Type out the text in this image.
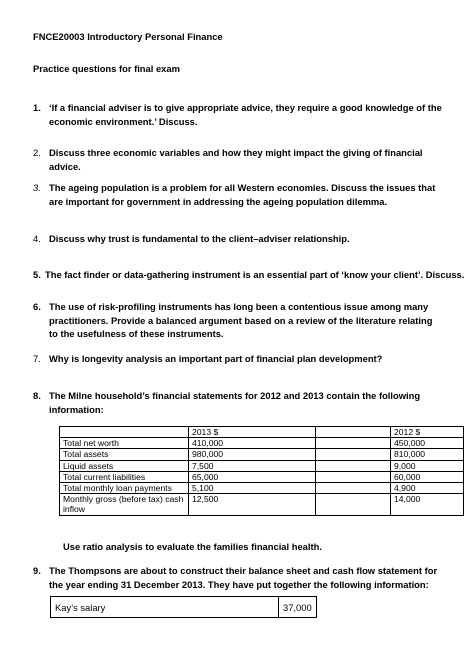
FNCE20003 Introductory Personal Finance
Practice questions for final exam
1. ‘If a financial adviser is to give appropriate advice, they require a good knowledge of the economic environment.’ Discuss.
2. Discuss three economic variables and how they might impact the giving of financial advice.
3. The ageing population is a problem for all Western economies. Discuss the issues that are important for government in addressing the ageing population dilemma.
4. Discuss why trust is fundamental to the client–adviser relationship.
5. The fact finder or data-gathering instrument is an essential part of ‘know your client’. Discuss.
6. The use of risk-profiling instruments has long been a contentious issue among many practitioners. Provide a balanced argument based on a review of the literature relating to the usefulness of these instruments.
7. Why is longevity analysis an important part of financial plan development?
8. The Milne household’s financial statements for 2012 and 2013 contain the following information:
	2013 $		2012 $
Total net worth	410,000		450,000
Total assets	980,000		810,000
Liquid assets	7,500		9,000
Total current liabilities	65,000		60,000
Total monthly loan payments	5,100		4,900
Monthly gross (before tax) cash inflow	12,500		14,000
Use ratio analysis to evaluate the families financial health.
9. The Thompsons are about to construct their balance sheet and cash flow statement for the year ending 31 December 2013. They have put together the following information:
Kay’s salary	37,000
